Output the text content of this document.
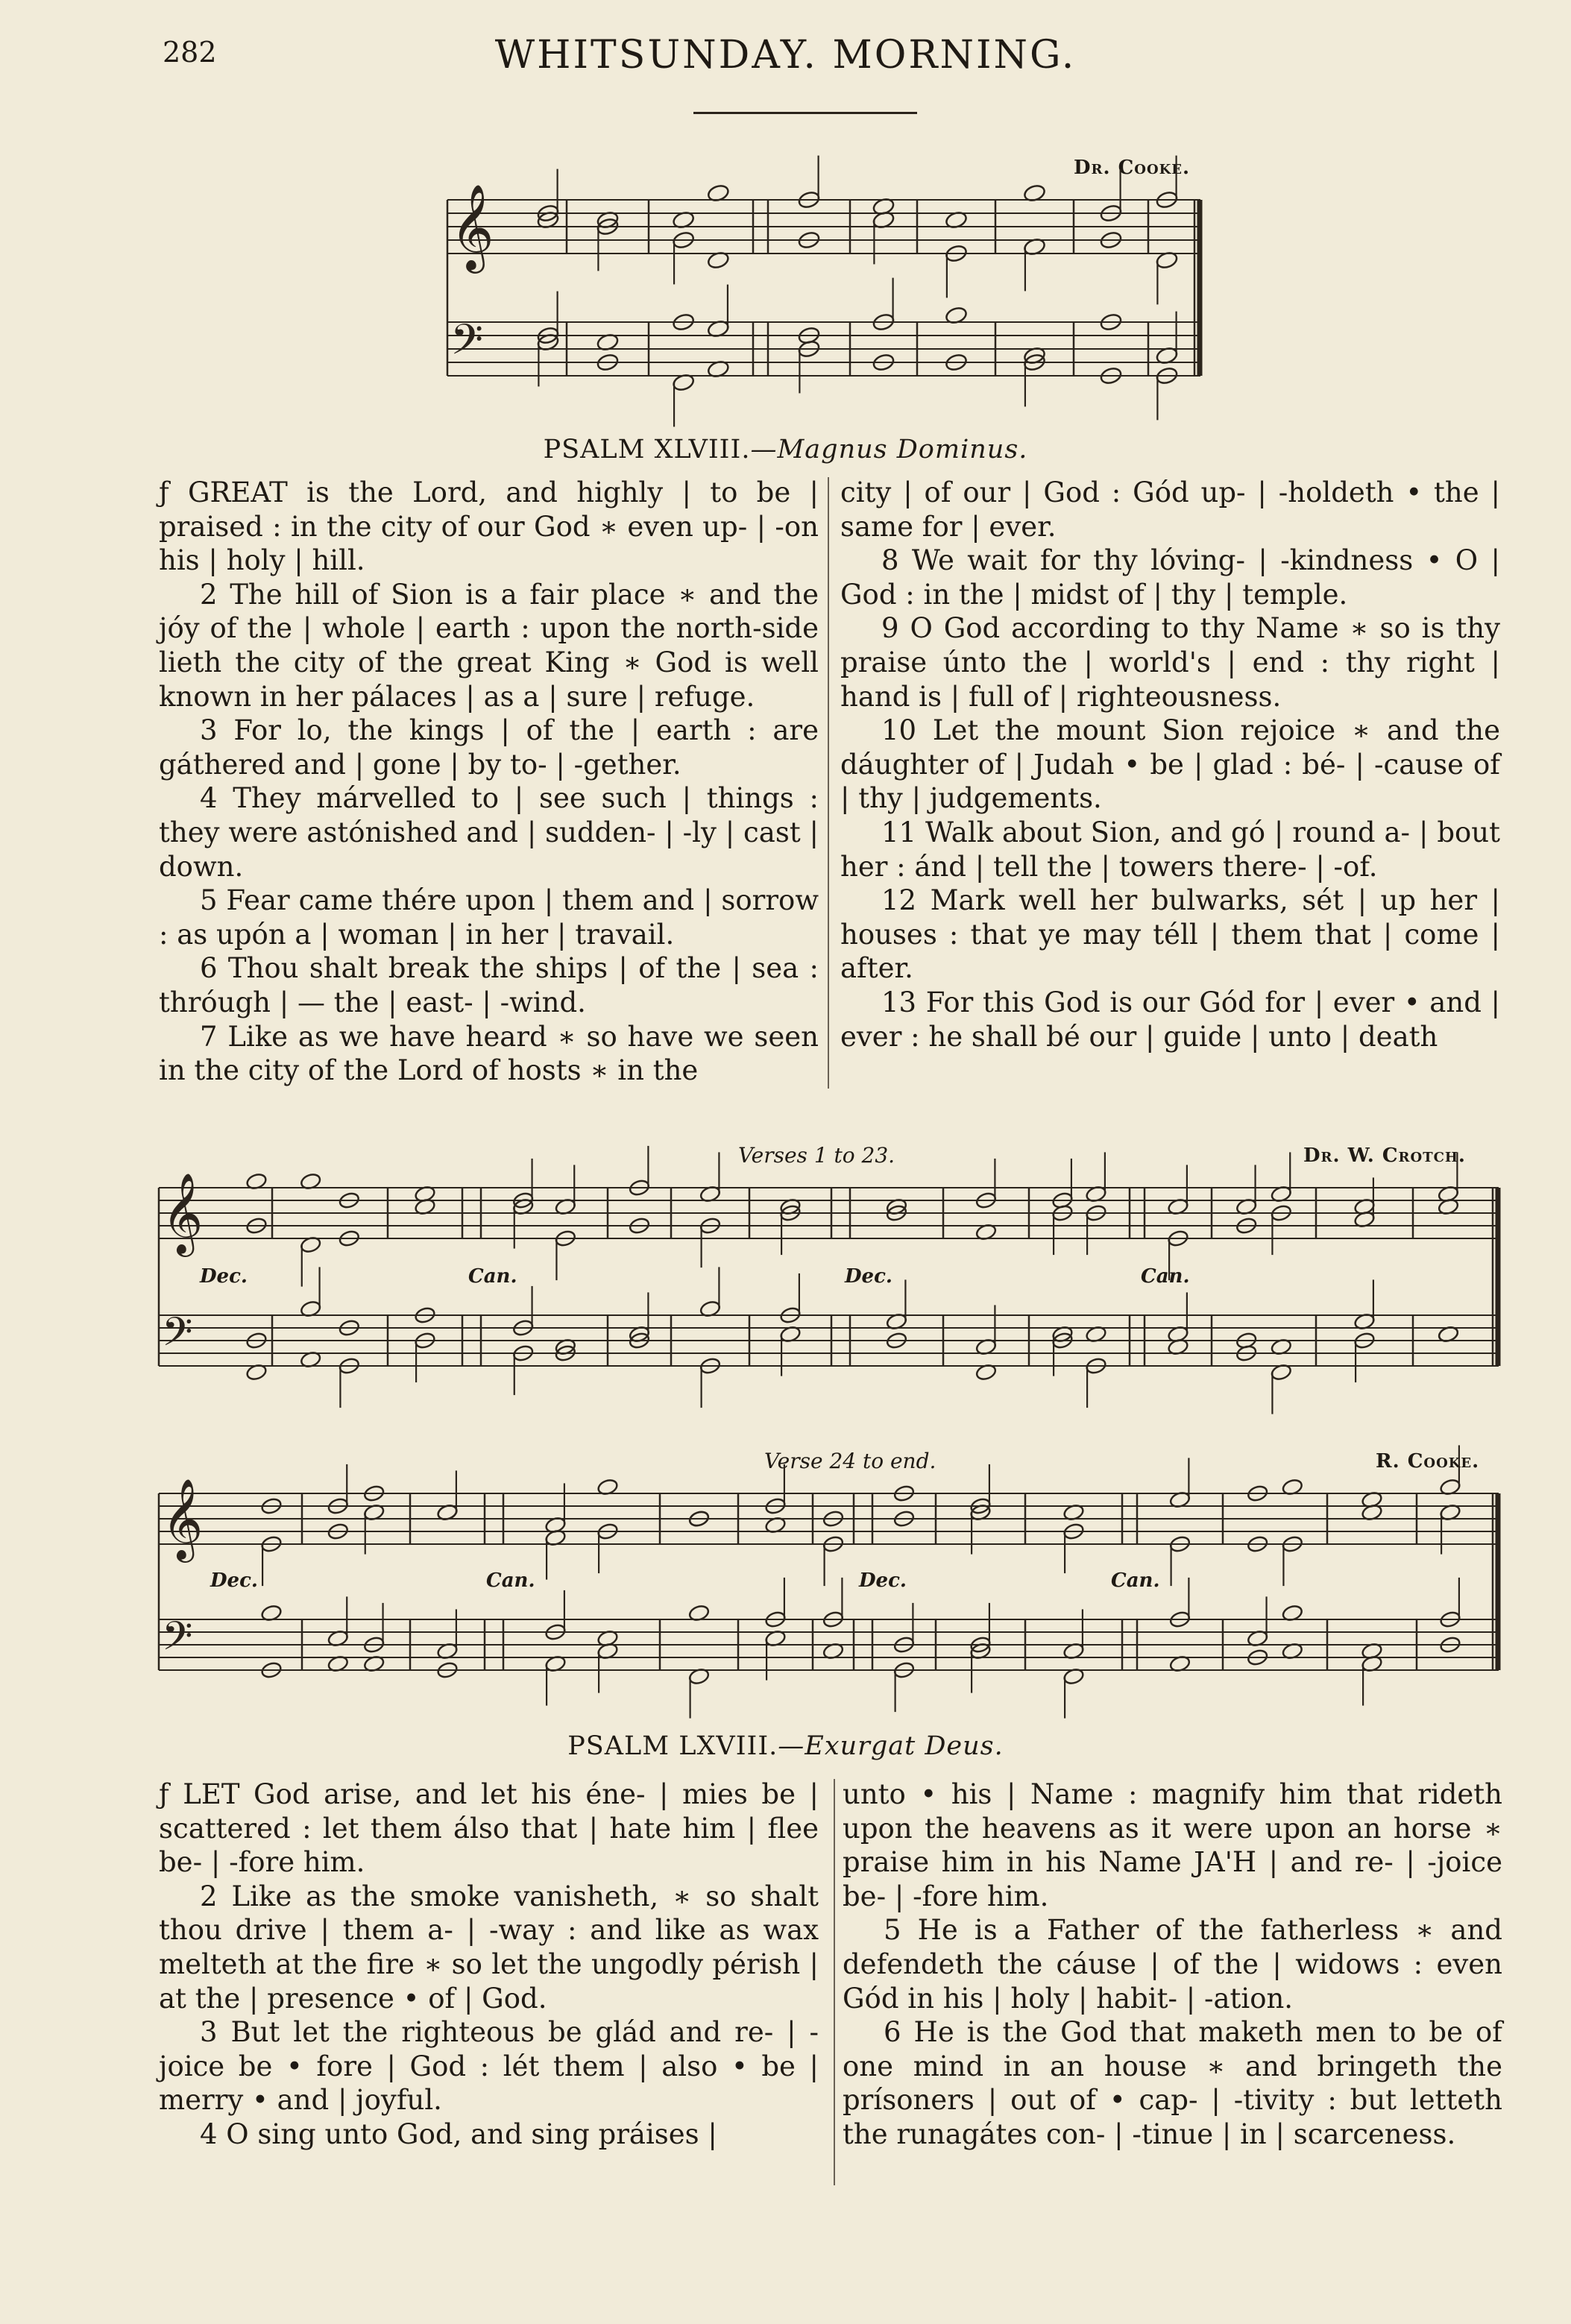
282	WHITSUNDAY. MORNING.
Dr. Cooke.
𝄞
𝄢
PSALM XLVIII.—Magnus Dominus.

ƒ GREAT is the Lord, and highly | to be | praised : in the city of our God ∗ even up- | -on his | holy | hill.

2 The hill of Sion is a fair place ∗ and the jóy of the | whole | earth : upon the north-side lieth the city of the great King ∗ God is well known in her pálaces | as a | sure | refuge.

3 For lo, the kings | of the | earth : are gáthered and | gone | by to- | -gether.

4 They márvelled to | see such | things : they were astónished and | sudden- | -ly | cast | down.

5 Fear came thére upon | them and | sorrow : as upón a | woman | in her | travail.

6 Thou shalt break the ships | of the | sea : thróugh | — the | east- | -wind.

7 Like as we have heard ∗ so have we seen in the city of the Lord of hosts ∗ in the

city | of our | God : Gód up- | -holdeth • the | same for | ever.

8 We wait for thy lóving- | -kindness • O | God : in the | midst of | thy | temple.

9 O God according to thy Name ∗ so is thy praise únto the | world's | end : thy right | hand is | full of | righteousness.

10 Let the mount Sion rejoice ∗ and the dáughter of | Judah • be | glad : bé- | -cause of | thy | judgements.

11 Walk about Sion, and gó | round a- | bout her : ánd | tell the | towers there- | -of.

12 Mark well her bulwarks, sét | up her | houses : that ye may téll | them that | come | after.

13 For this God is our Gód for | ever • and | ever : he shall bé our | guide | unto | death

Verses 1 to 23.	Dr. W. Crotch.
𝄞
𝄢
Dec.	Can.	Dec.	Can.
Verse 24 to end.	R. Cooke.
𝄞
𝄢
Dec.	Can.	Dec.	Can.
PSALM LXVIII.—Exurgat Deus.

ƒ LET God arise, and let his éne- | mies be | scattered : let them álso that | hate him | flee be- | -fore him.

2 Like as the smoke vanisheth, ∗ so shalt thou drive | them a- | -way : and like as wax melteth at the fire ∗ so let the ungodly pérish | at the | presence • of | God.

3 But let the righteous be glád and re- | -joice be • fore | God : lét them | also • be | merry • and | joyful.

4 O sing unto God, and sing práises |

unto • his | Name : magnify him that rideth upon the heavens as it were upon an horse ∗ praise him in his Name JA'H | and re- | -joice be- | -fore him.

5 He is a Father of the fatherless ∗ and defendeth the cáuse | of the | widows : even Gód in his | holy | habit- | -ation.

6 He is the God that maketh men to be of one mind in an house ∗ and bringeth the prísoners | out of • cap- | -tivity : but letteth the runagátes con- | -tinue | in | scarceness.
